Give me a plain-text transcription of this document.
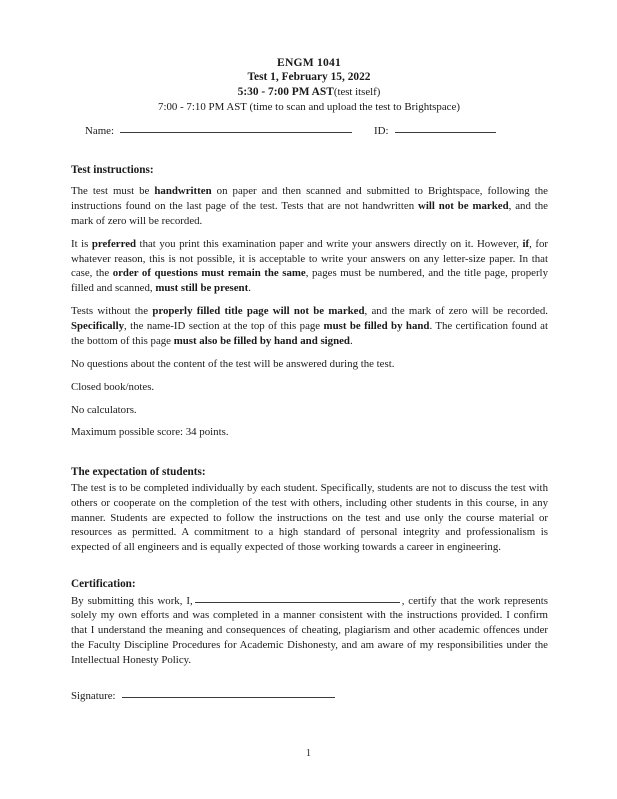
ENGM 1041
Test 1, February 15, 2022
5:30 - 7:00 PM AST(test itself)
7:00 - 7:10 PM AST (time to scan and upload the test to Brightspace)
Name:	ID:
Test instructions:

The test must be handwritten on paper and then scanned and submitted to Brightspace, following the instructions found on the last page of the test. Tests that are not handwritten will not be marked, and the mark of zero will be recorded.

It is preferred that you print this examination paper and write your answers directly on it. However, if, for whatever reason, this is not possible, it is acceptable to write your answers on any letter-size paper. In that case, the order of questions must remain the same, pages must be numbered, and the title page, properly filled and scanned, must still be present.

Tests without the properly filled title page will not be marked, and the mark of zero will be recorded. Specifically, the name-ID section at the top of this page must be filled by hand. The certification found at the bottom of this page must also be filled by hand and signed.

No questions about the content of the test will be answered during the test.

Closed book/notes.

No calculators.

Maximum possible score: 34 points.

The expectation of students:

The test is to be completed individually by each student. Specifically, students are not to discuss the test with others or cooperate on the completion of the test with others, including other students in this course, in any manner. Students are expected to follow the instructions on the test and use only the course material or resources as permitted. A commitment to a high standard of personal integrity and professionalism is expected of all engineers and is equally expected of those working towards a career in engineering.

Certification:

By submitting this work, I,	, certify that the work represents solely my own efforts and was completed in a manner consistent with the instructions provided. I confirm that I understand the meaning and consequences of cheating, plagiarism and other academic offences under the Faculty Discipline Procedures for Academic Dishonesty, and am aware of my responsibilities under the Intellectual Honesty Policy.

Signature:
1
